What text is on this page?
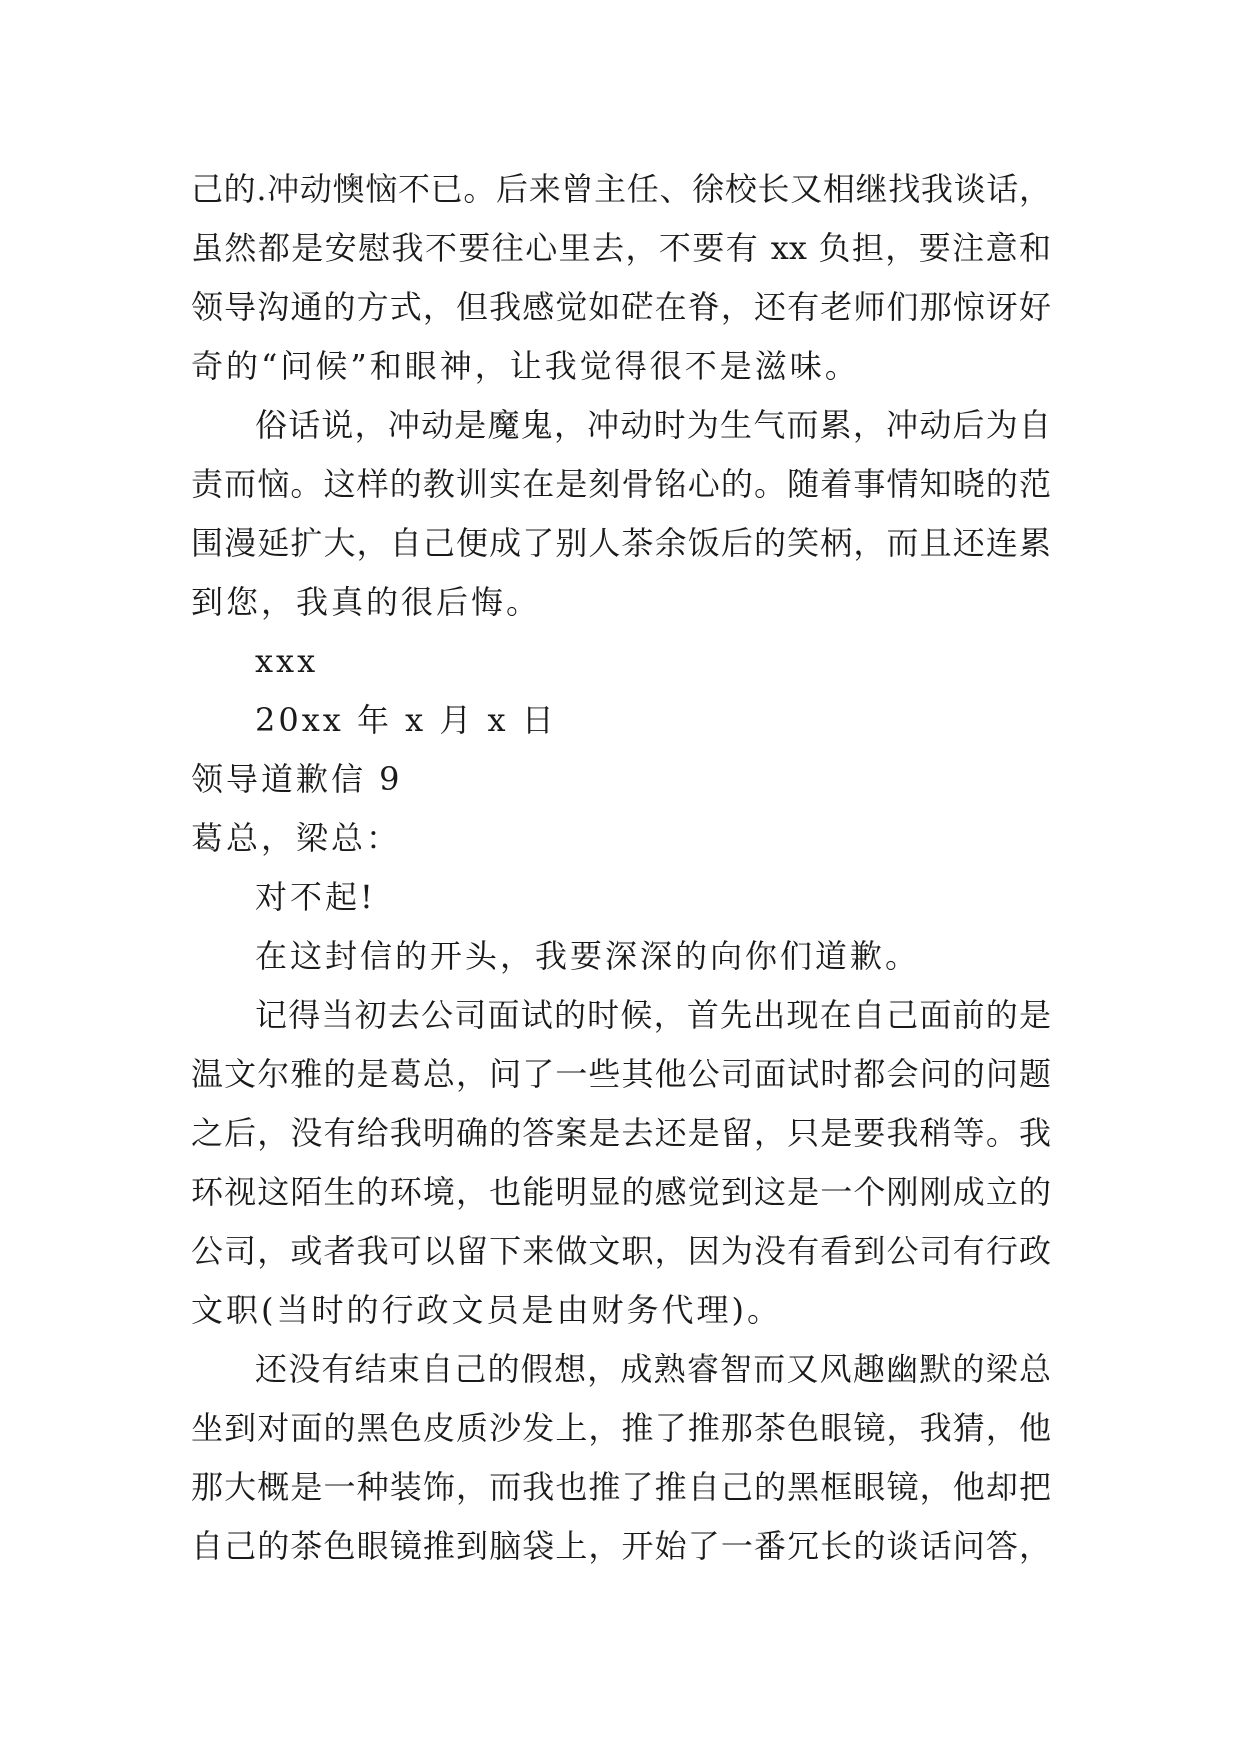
己的.冲动懊恼不已。后来曾主任、徐校长又相继找我谈话，
虽然都是安慰我不要往心里去，不要有 xx 负担，要注意和
领导沟通的方式，但我感觉如硭在脊，还有老师们那惊讶好
奇的“问候”和眼神，让我觉得很不是滋味。
俗话说，冲动是魔鬼，冲动时为生气而累，冲动后为自
责而恼。这样的教训实在是刻骨铭心的。随着事情知晓的范
围漫延扩大，自己便成了别人茶余饭后的笑柄，而且还连累
到您，我真的很后悔。
xxx
20xx 年 x 月 x 日
领导道歉信 9
葛总，梁总：
对不起!
在这封信的开头，我要深深的向你们道歉。
记得当初去公司面试的时候，首先出现在自己面前的是
温文尔雅的是葛总，问了一些其他公司面试时都会问的问题
之后，没有给我明确的答案是去还是留，只是要我稍等。我
环视这陌生的环境，也能明显的感觉到这是一个刚刚成立的
公司，或者我可以留下来做文职，因为没有看到公司有行政
文职(当时的行政文员是由财务代理)。
还没有结束自己的假想，成熟睿智而又风趣幽默的梁总
坐到对面的黑色皮质沙发上，推了推那茶色眼镜，我猜，他
那大概是一种装饰，而我也推了推自己的黑框眼镜，他却把
自己的茶色眼镜推到脑袋上，开始了一番冗长的谈话问答，
